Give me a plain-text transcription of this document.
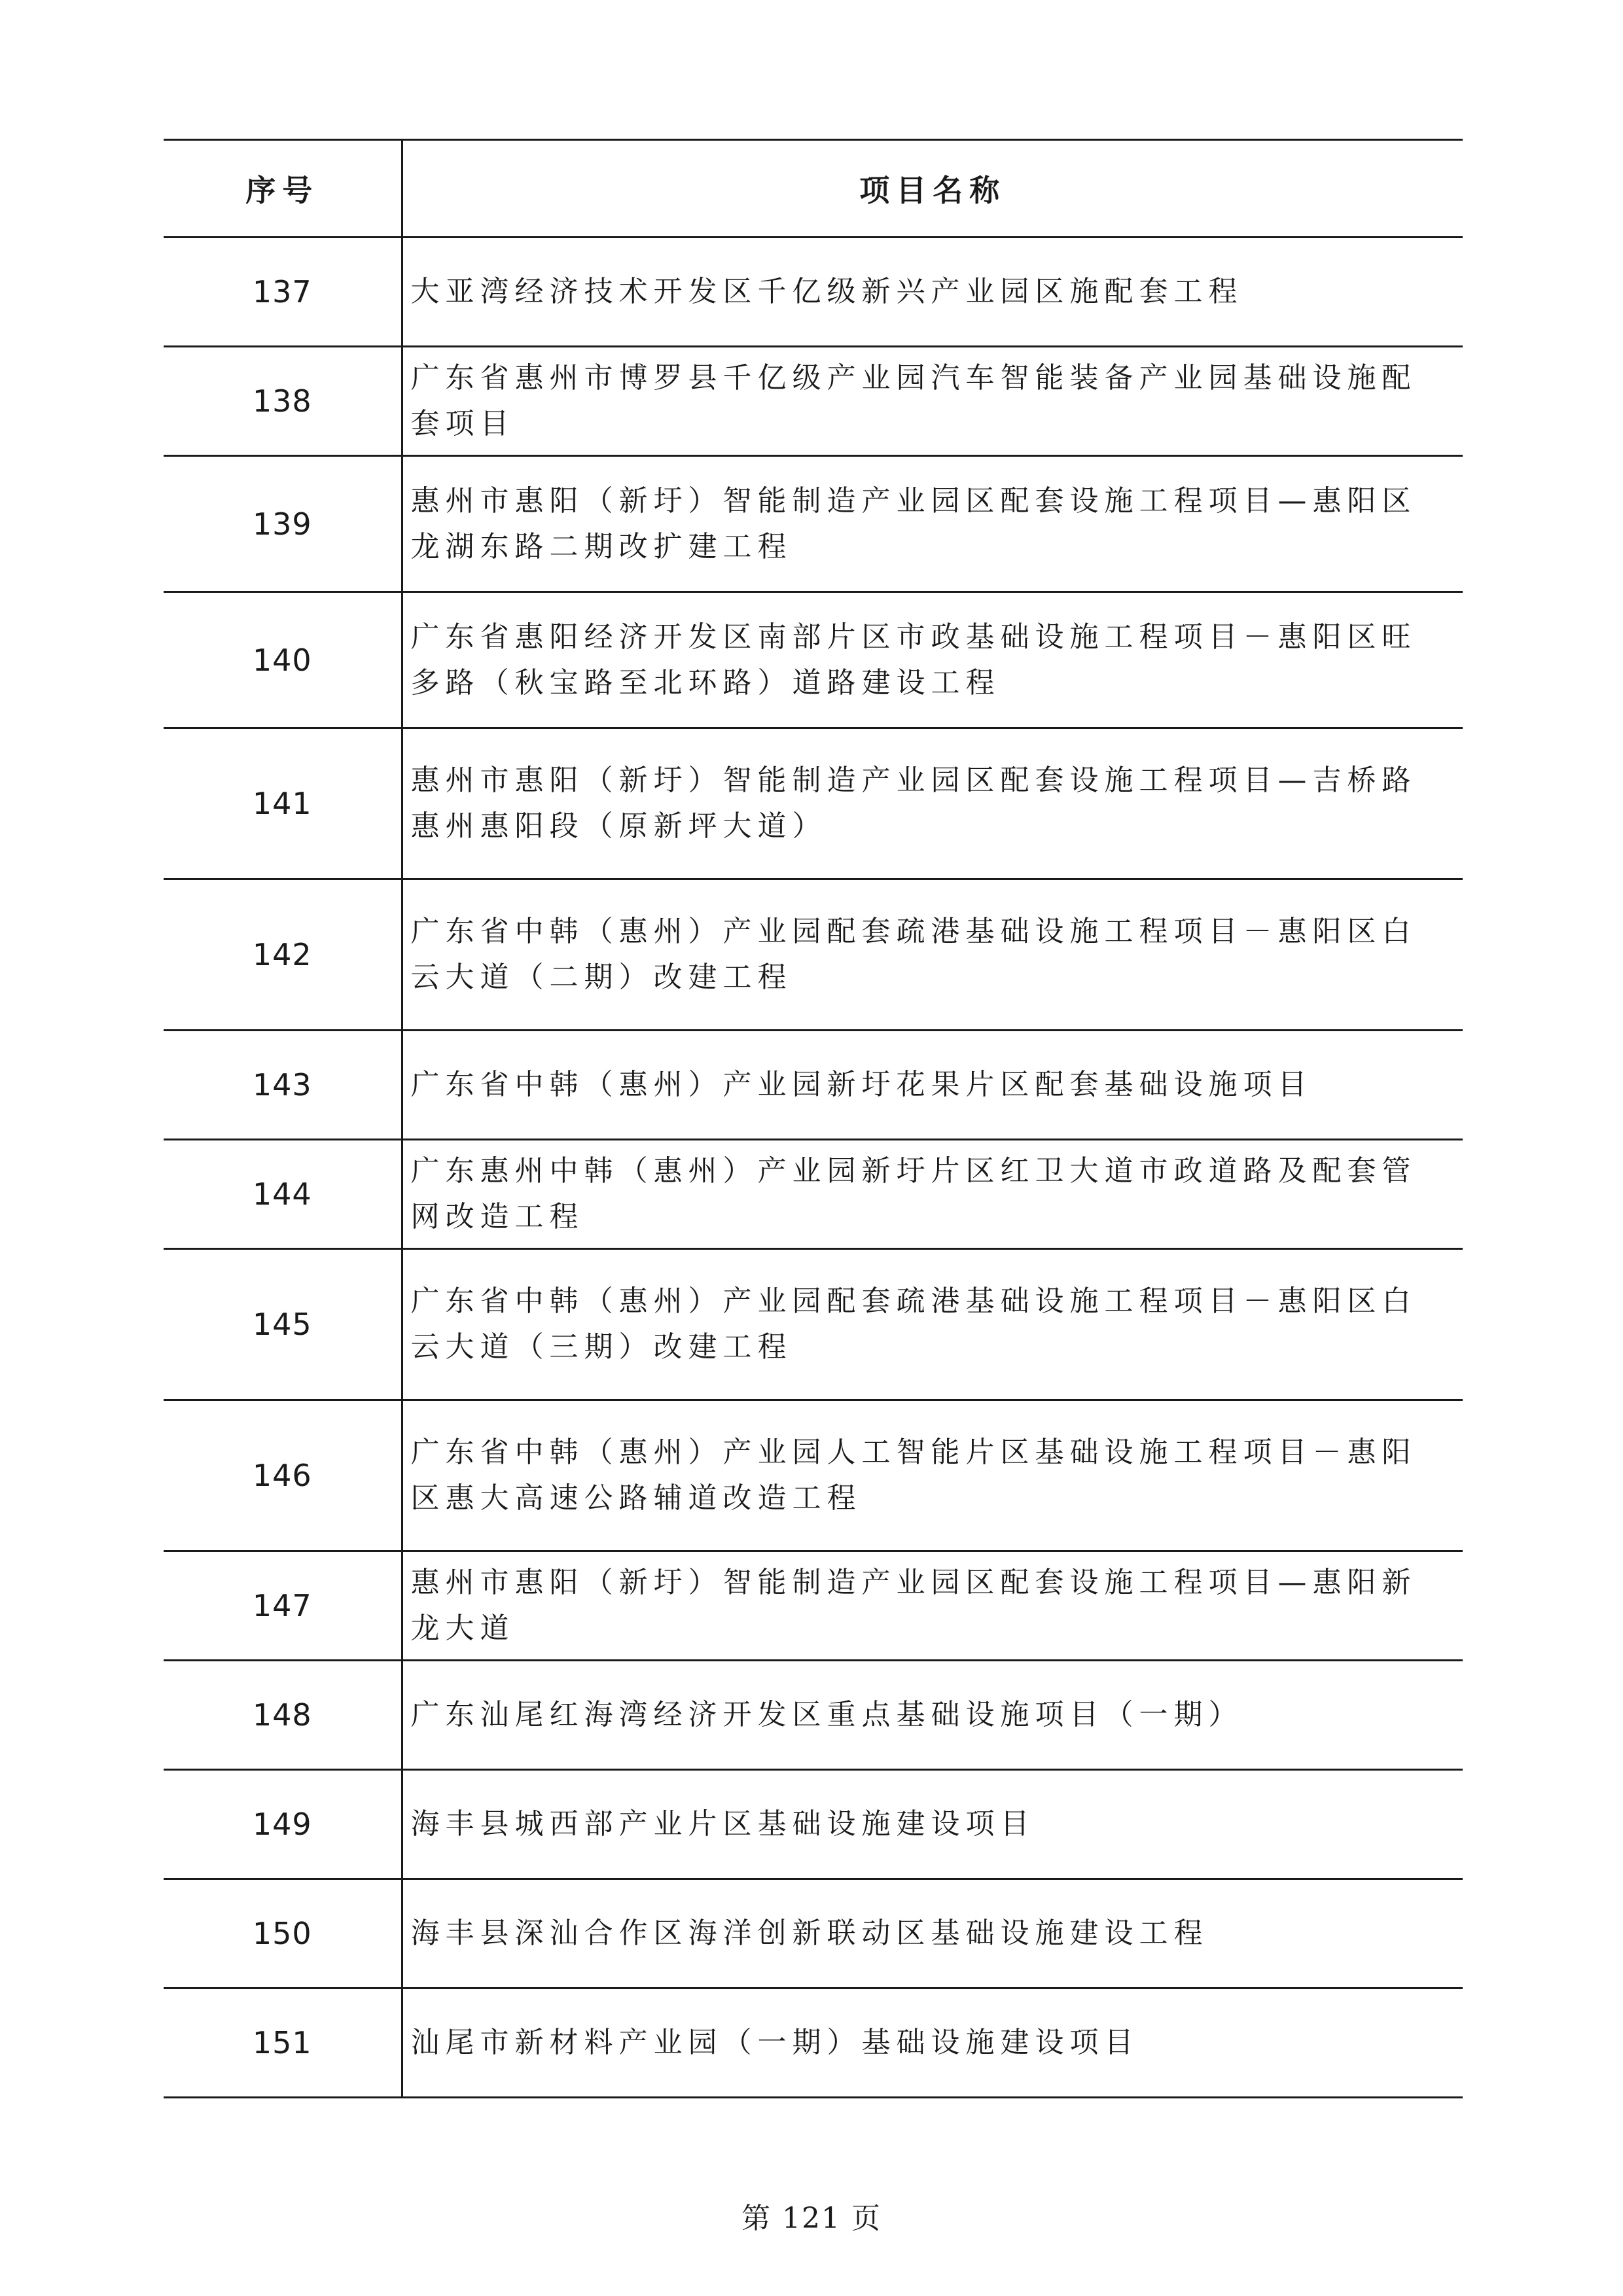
序号	项目名称
137	大亚湾经济技术开发区千亿级新兴产业园区施配套工程
138	广东省惠州市博罗县千亿级产业园汽车智能装备产业园基础设施配套项目
139	惠州市惠阳（新圩）智能制造产业园区配套设施工程项目—惠阳区龙湖东路二期改扩建工程
140	广东省惠阳经济开发区南部片区市政基础设施工程项目－惠阳区旺多路（秋宝路至北环路）道路建设工程
141	惠州市惠阳（新圩）智能制造产业园区配套设施工程项目—吉桥路惠州惠阳段（原新坪大道）
142	广东省中韩（惠州）产业园配套疏港基础设施工程项目－惠阳区白云大道（二期）改建工程
143	广东省中韩（惠州）产业园新圩花果片区配套基础设施项目
144	广东惠州中韩（惠州）产业园新圩片区红卫大道市政道路及配套管网改造工程
145	广东省中韩（惠州）产业园配套疏港基础设施工程项目－惠阳区白云大道（三期）改建工程
146	广东省中韩（惠州）产业园人工智能片区基础设施工程项目－惠阳区惠大高速公路辅道改造工程
147	惠州市惠阳（新圩）智能制造产业园区配套设施工程项目—惠阳新龙大道
148	广东汕尾红海湾经济开发区重点基础设施项目（一期）
149	海丰县城西部产业片区基础设施建设项目
150	海丰县深汕合作区海洋创新联动区基础设施建设工程
151	汕尾市新材料产业园（一期）基础设施建设项目
第 121 页
